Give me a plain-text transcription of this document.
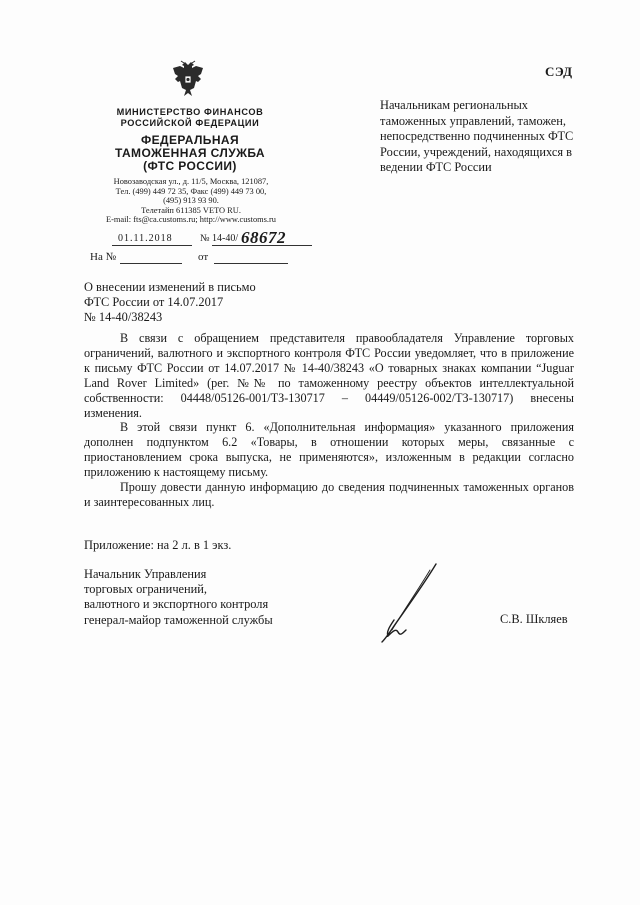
СЭД
МИНИСТЕРСТВО ФИНАНСОВ
РОССИЙСКОЙ ФЕДЕРАЦИИ
ФЕДЕРАЛЬНАЯ
ТАМОЖЕННАЯ СЛУЖБА
(ФТС РОССИИ)
Новозаводская ул., д. 11/5, Москва, 121087,
Тел. (499) 449 72 35, Факс (499) 449 73 00,
(495) 913 93 90.
Телетайп 611385 VETO RU.
E-mail: fts@ca.customs.ru; http://www.customs.ru
01.11.2018	№ 14-40/ 68672
На №	от
Начальникам региональных таможенных управлений, таможен, непосредственно подчиненных ФТС России, учреждений, находящихся в ведении ФТС России
О внесении изменений в письмо
ФТС России от 14.07.2017
№ 14-40/38243

В связи с обращением представителя правообладателя Управление торговых ограничений, валютного и экспортного контроля ФТС России уведомляет, что в приложение к письму ФТС России от 14.07.2017 № 14-40/38243 «О товарных знаках компании “Juguar Land Rover Limited» (рег. №№ по таможенному реестру объектов интеллектуальной собственности: 04448/05126-001/ТЗ-130717 – 04449/05126-002/ТЗ-130717) внесены изменения.

В этой связи пункт 6. «Дополнительная информация» указанного приложения дополнен подпунктом 6.2 «Товары, в отношении которых меры, связанные с приостановлением срока выпуска, не применяются», изложенным в редакции согласно приложению к настоящему письму.

Прошу довести данную информацию до сведения подчиненных таможенных органов и заинтересованных лиц.

Приложение: на 2 л. в 1 экз.
Начальник Управления
торговых ограничений,
валютного и экспортного контроля
генерал-майор таможенной службы	С.В. Шкляев
